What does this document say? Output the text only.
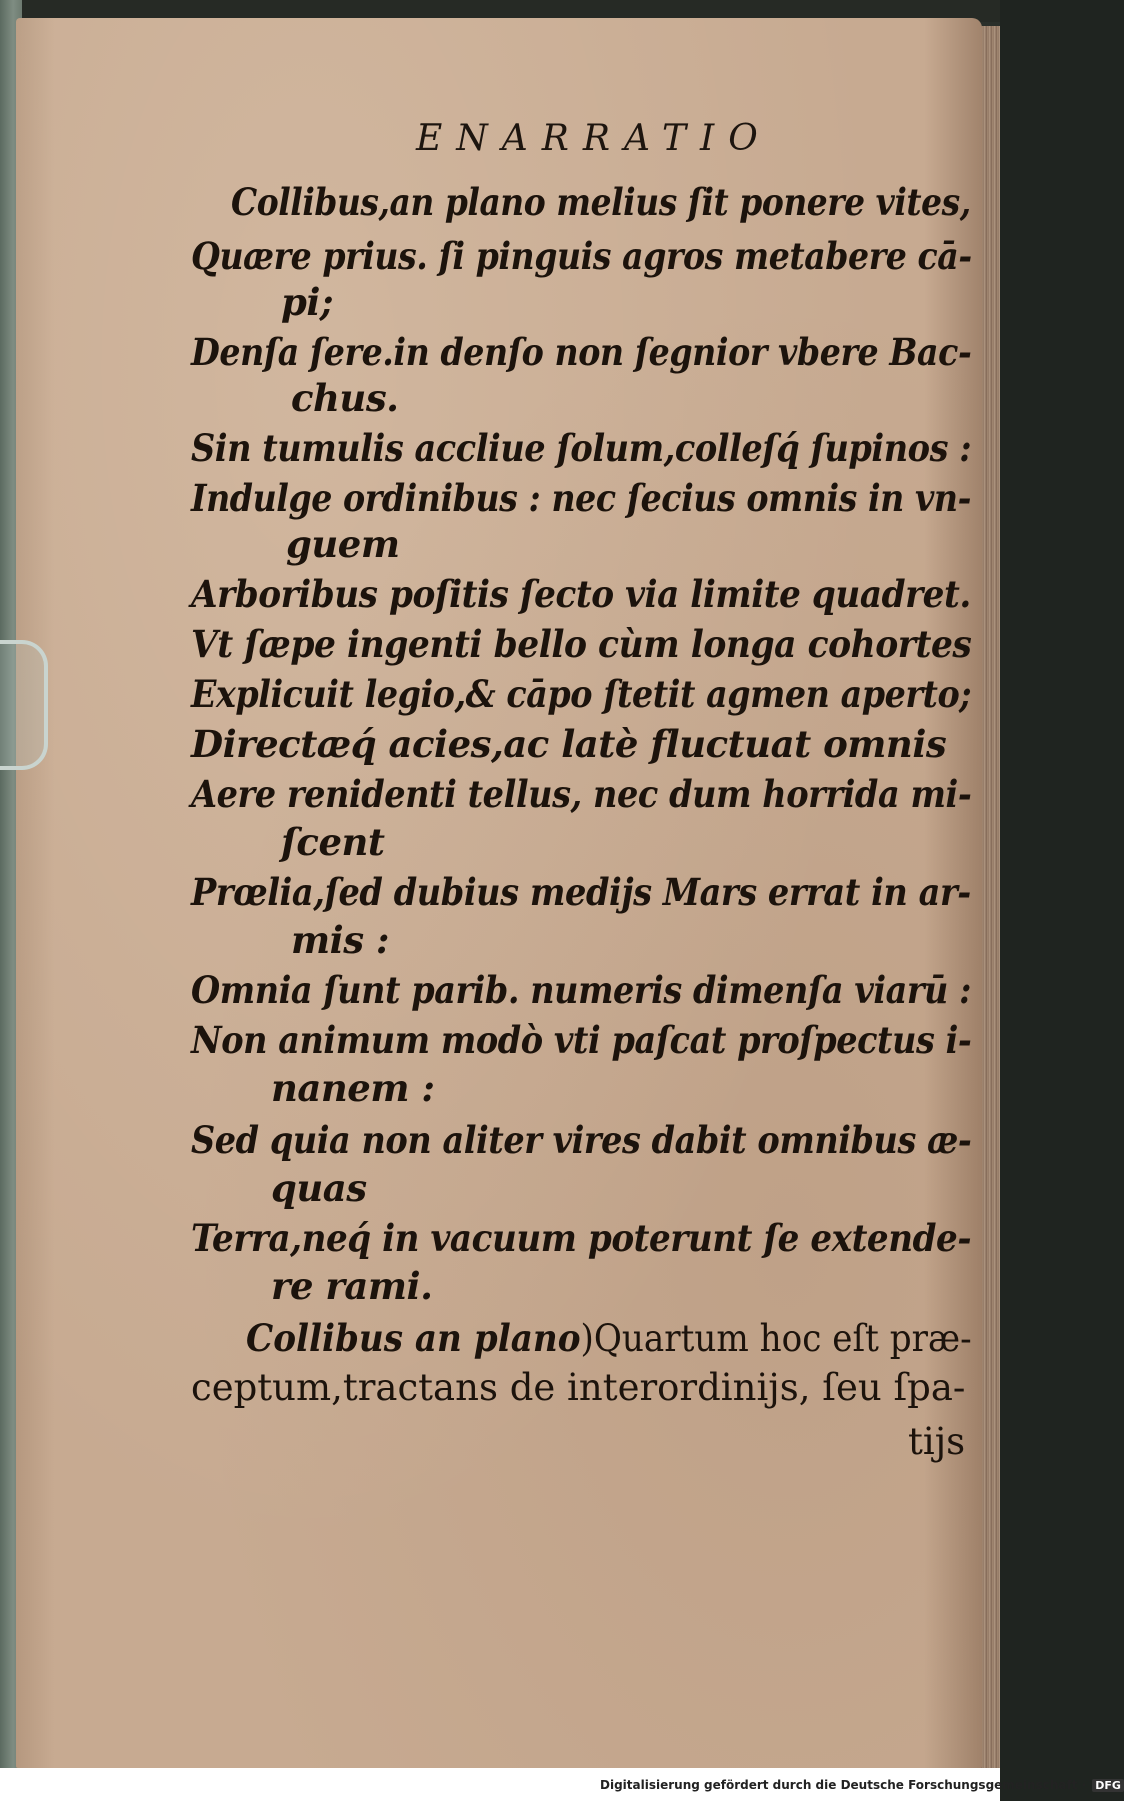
ENARRATIO
Collibus,an plano melius ſit ponere vites,
Quære prius. ſi pinguis agros metabere cā-
pi;
Denſa ſere.in denſo non ſegnior vbere Bac-
chus.
Sin tumulis accliue ſolum,colleſq́ ſupinos :
Indulge ordinibus : nec ſecius omnis in vn-
guem
Arboribus poſitis ſecto via limite quadret.
Vt ſæpe ingenti bello cùm longa cohortes
Explicuit legio,& cāpo ſtetit agmen aperto;
Directæq́ acies,ac latè fluctuat omnis
Aere renidenti tellus, nec dum horrida mi-
ſcent
Prœlia,ſed dubius medijs Mars errat in ar-
mis :
Omnia ſunt parib. numeris dimenſa viarū :
Non animum modò vti paſcat proſpectus i-
nanem :
Sed quia non aliter vires dabit omnibus æ-
quas
Terra,neq́ in vacuum poterunt ſe extende-
re rami.
Collibus an plano)Quartum hoc eſt præ-
ceptum,tractans de interordinijs, ſeu ſpa-
tijs
Digitalisierung gefördert durch die Deutsche Forschungsgemeinschaft · DFG
